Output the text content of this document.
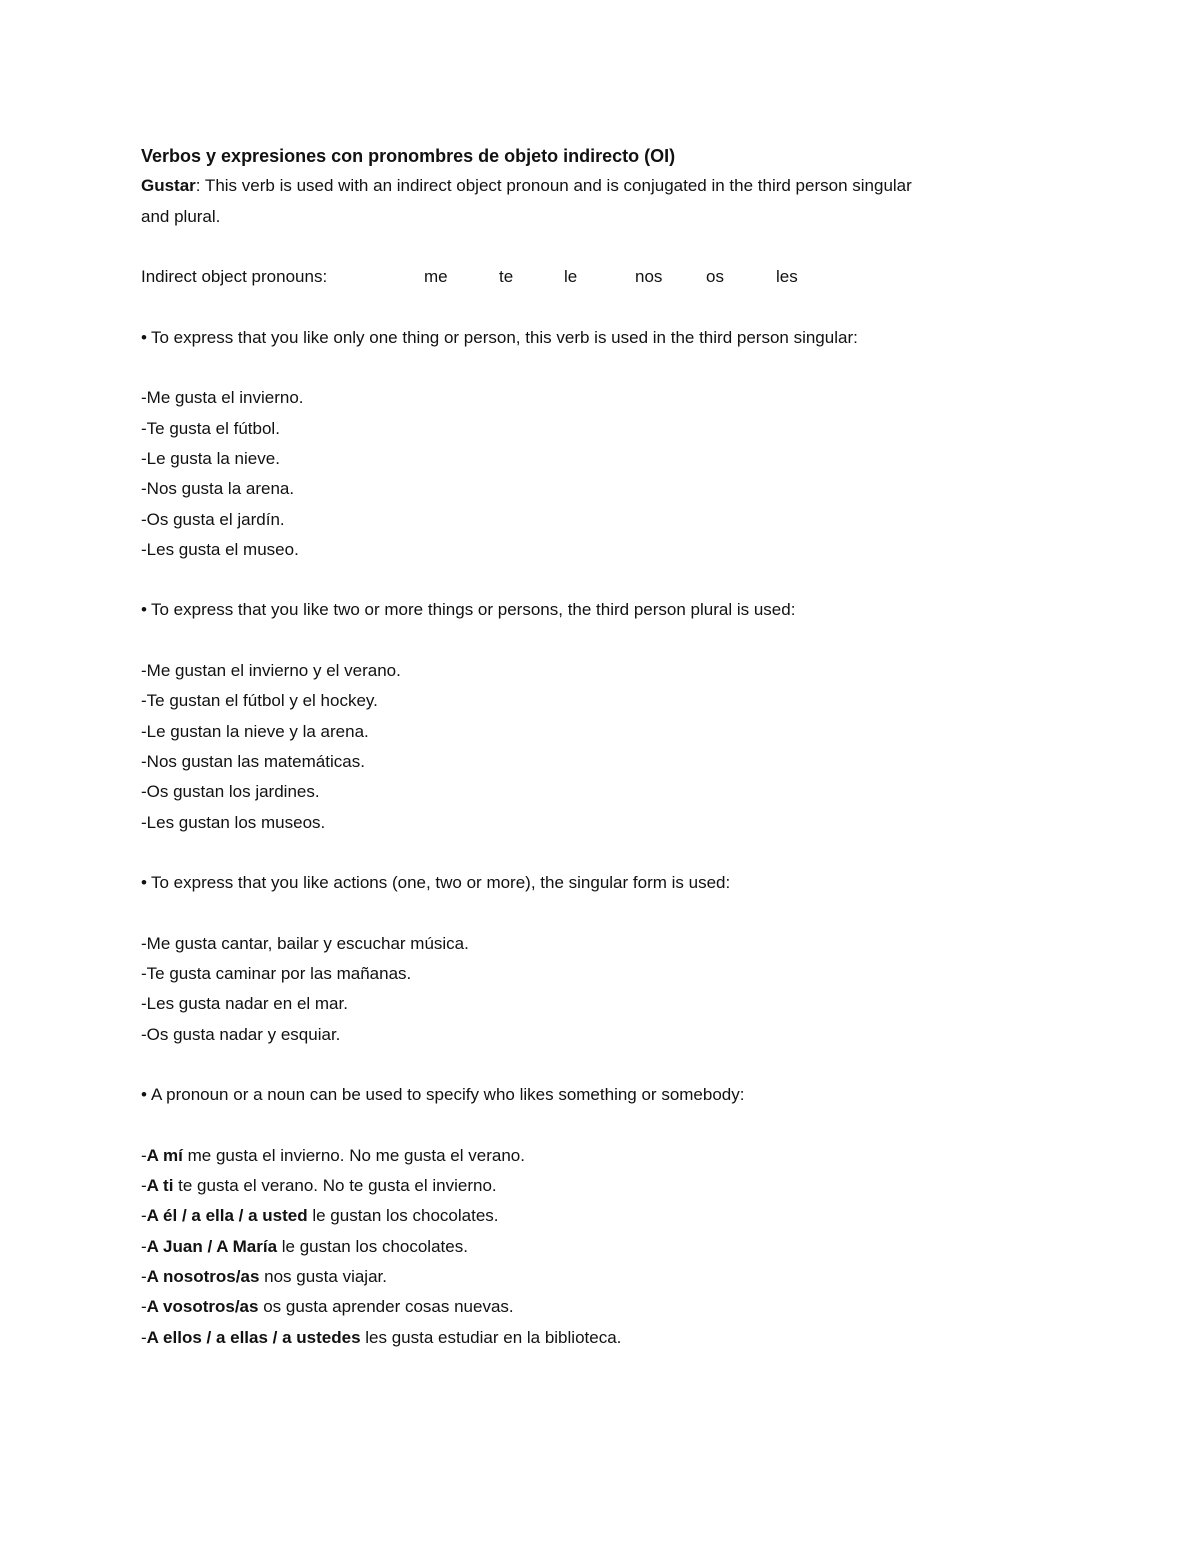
Verbos y expresiones con pronombres de objeto indirecto (OI)
Gustar: This verb is used with an indirect object pronoun and is conjugated in the third person singular
and plural.
Indirect object pronouns:	me	te	le	nos	os	les
• To express that you like only one thing or person, this verb is used in the third person singular:
-Me gusta el invierno.
-Te gusta el fútbol.
-Le gusta la nieve.
-Nos gusta la arena.
-Os gusta el jardín.
-Les gusta el museo.
• To express that you like two or more things or persons, the third person plural is used:
-Me gustan el invierno y el verano.
-Te gustan el fútbol y el hockey.
-Le gustan la nieve y la arena.
-Nos gustan las matemáticas.
-Os gustan los jardines.
-Les gustan los museos.
• To express that you like actions (one, two or more), the singular form is used:
-Me gusta cantar, bailar y escuchar música.
-Te gusta caminar por las mañanas.
-Les gusta nadar en el mar.
-Os gusta nadar y esquiar.
• A pronoun or a noun can be used to specify who likes something or somebody:
-A mí me gusta el invierno. No me gusta el verano.
-A ti te gusta el verano. No te gusta el invierno.
-A él / a ella / a usted le gustan los chocolates.
-A Juan / A María le gustan los chocolates.
-A nosotros/as nos gusta viajar.
-A vosotros/as os gusta aprender cosas nuevas.
-A ellos / a ellas / a ustedes les gusta estudiar en la biblioteca.
